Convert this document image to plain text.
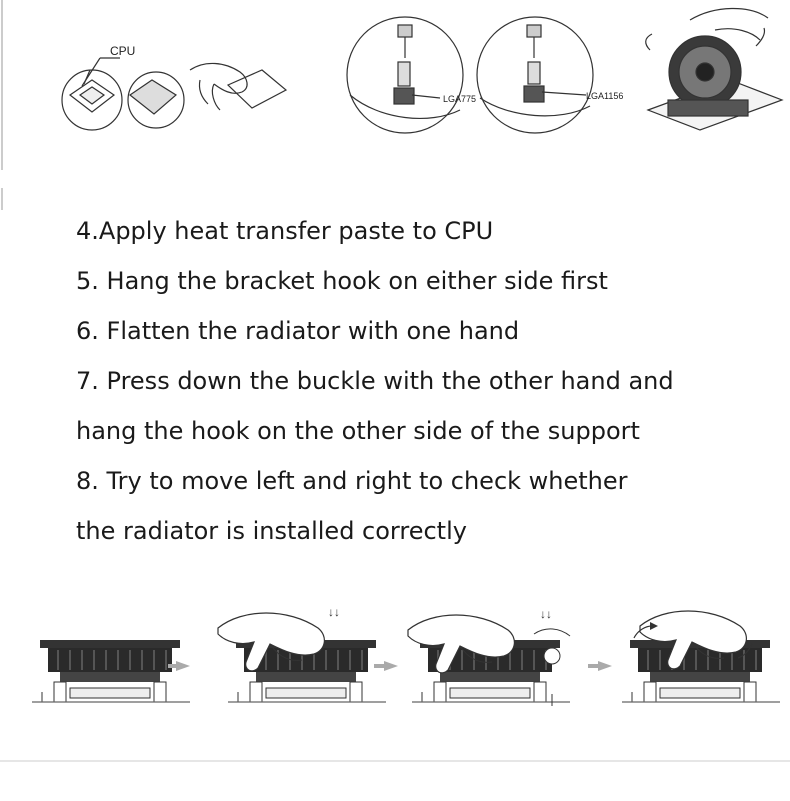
LGA775	LGA1156
CPU
4.Apply heat transfer paste to CPU
5. Hang the bracket hook on either side first
6. Flatten the radiator with one hand
7. Press down the buckle with the other hand and
hang the hook on the other side of the support
8. Try to move left and right to check whether
the radiator is installed correctly
↓↓	↓↓
